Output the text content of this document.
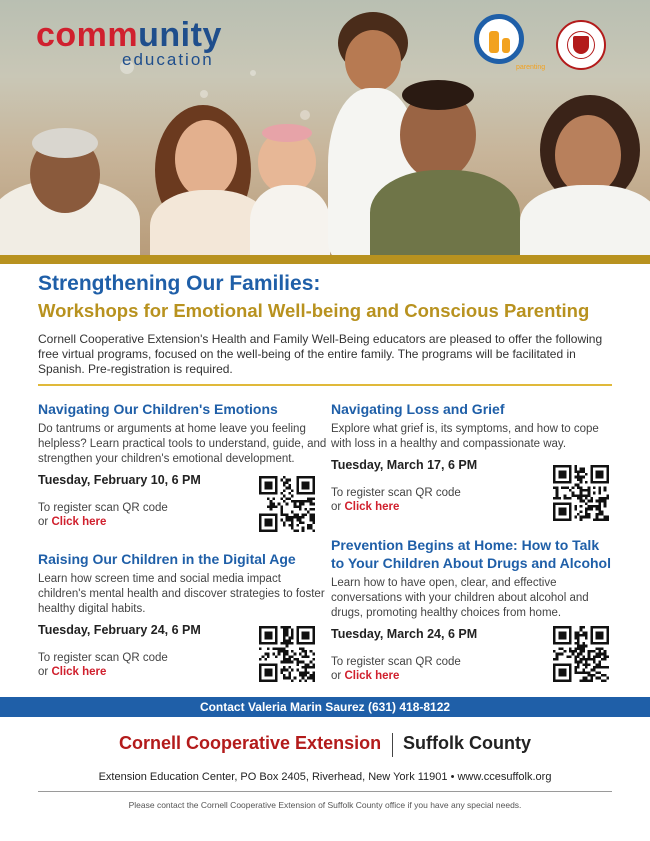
community
education	parenting
Strengthening Our Families:
Workshops for Emotional Well-being and Conscious Parenting
Cornell Cooperative Extension's Health and Family Well-Being educators are pleased to offer the following free virtual programs, focused on the well-being of the entire family. The programs will be facilitated in Spanish. Pre-registration is required.
Navigating Our Children's Emotions
Do tantrums or arguments at home leave you feeling helpless? Learn practical tools to understand, guide, and strengthen your children's emotional development.
Tuesday, February 10, 6 PM
To register scan QR code
or Click here
Navigating Loss and Grief
Explore what grief is, its symptoms, and how to cope with loss in a healthy and compassionate way.
Tuesday, March 17, 6 PM
To register scan QR code
or Click here
Raising Our Children in the Digital Age
Learn how screen time and social media impact children's mental health and discover strategies to foster healthy digital habits.
Tuesday, February 24, 6 PM
To register scan QR code
or Click here
Prevention Begins at Home: How to Talk to Your Children About Drugs and Alcohol
Learn how to have open, clear, and effective conversations with your children about alcohol and drugs, promoting healthy choices from home.
Tuesday, March 24, 6 PM
To register scan QR code
or Click here
Contact Valeria Marin Saurez (631) 418-8122
Cornell Cooperative Extension Suffolk County
Extension Education Center, PO Box 2405, Riverhead, New York 11901 • www.ccesuffolk.org
Please contact the Cornell Cooperative Extension of Suffolk County office if you have any special needs.
